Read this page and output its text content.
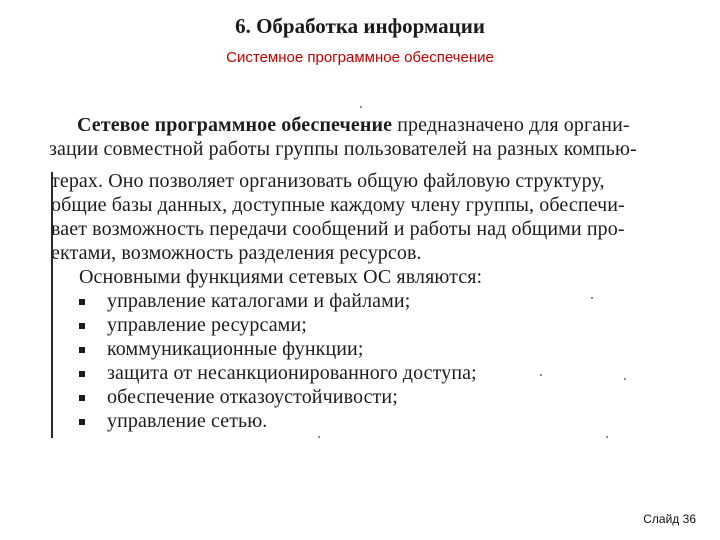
6. Обработка информации
Системное программное обеспечение
Сетевое программное обеспечение предназначено для органи-
зации совместной работы группы пользователей на разных компью-
терах. Оно позволяет организовать общую файловую структуру,
общие базы данных, доступные каждому члену группы, обеспечи-
вает возможность передачи сообщений и работы над общими про-
ектами, возможность разделения ресурсов.
Основными функциями сетевых ОС являются:
управление каталогами и файлами;
управление ресурсами;
коммуникационные функции;
защита от несанкционированного доступа;
обеспечение отказоустойчивости;
управление сетью.
Слайд 36
